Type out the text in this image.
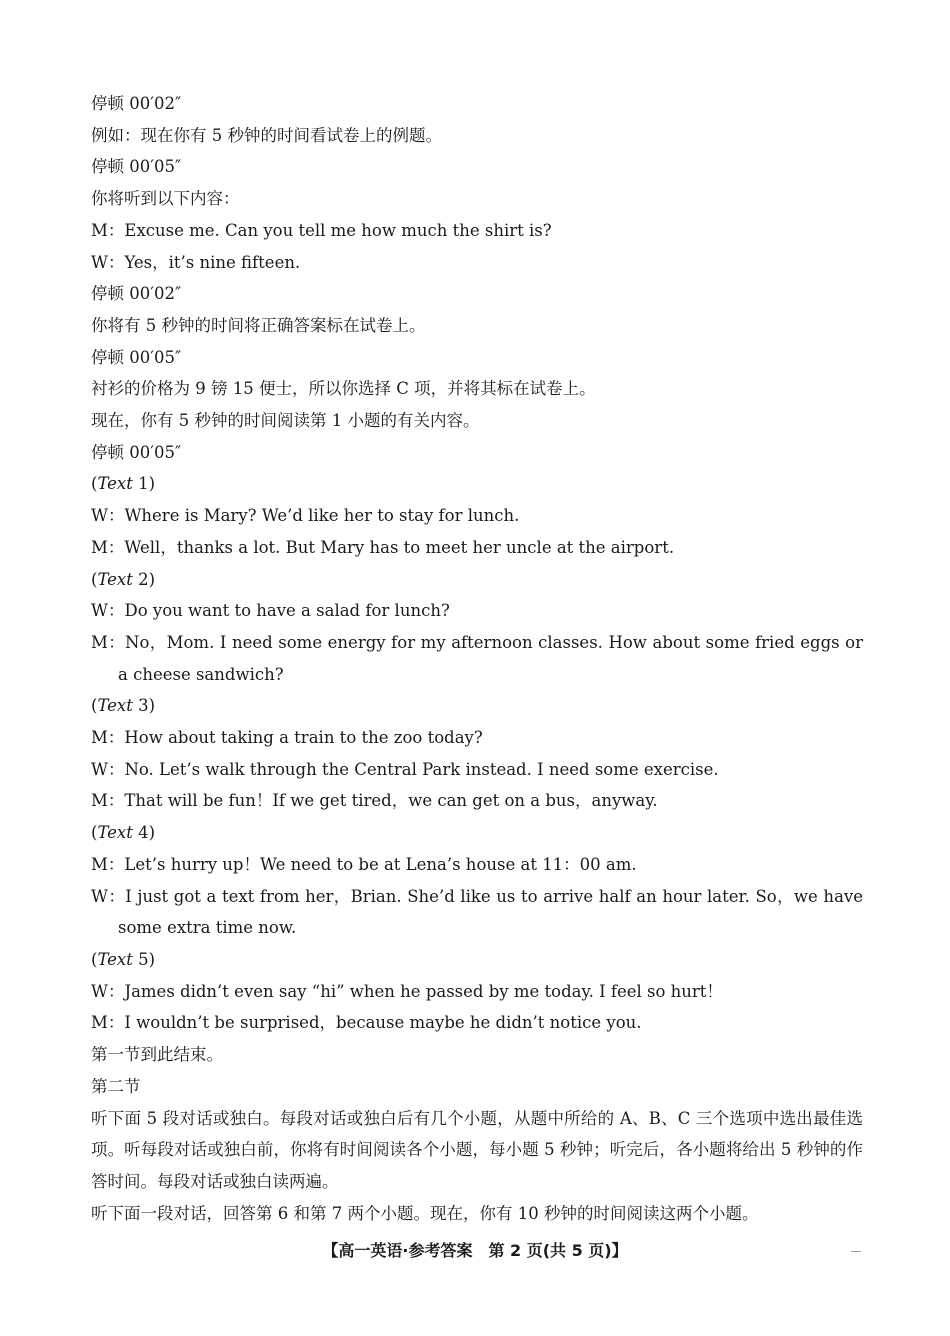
停顿 00′02″

例如：现在你有 5 秒钟的时间看试卷上的例题。

停顿 00′05″

你将听到以下内容：

M：Excuse me. Can you tell me how much the shirt is?

W：Yes，it’s nine fifteen.

停顿 00′02″

你将有 5 秒钟的时间将正确答案标在试卷上。

停顿 00′05″

衬衫的价格为 9 镑 15 便士，所以你选择 C 项，并将其标在试卷上。

现在，你有 5 秒钟的时间阅读第 1 小题的有关内容。

停顿 00′05″

(Text 1)

W：Where is Mary? We’d like her to stay for lunch.

M：Well，thanks a lot. But Mary has to meet her uncle at the airport.

(Text 2)

W：Do you want to have a salad for lunch?

M：No，Mom. I need some energy for my afternoon classes. How about some fried eggs or a cheese sandwich?

(Text 3)

M：How about taking a train to the zoo today?

W：No. Let’s walk through the Central Park instead. I need some exercise.

M：That will be fun！If we get tired，we can get on a bus，anyway.

(Text 4)

M：Let’s hurry up！We need to be at Lena’s house at 11：00 am.

W：I just got a text from her，Brian. She’d like us to arrive half an hour later. So，we have some extra time now.

(Text 5)

W：James didn’t even say “hi” when he passed by me today. I feel so hurt！

M：I wouldn’t be surprised，because maybe he didn’t notice you.

第一节到此结束。

第二节

听下面 5 段对话或独白。每段对话或独白后有几个小题，从题中所给的 A、B、C 三个选项中选出最佳选项。听每段对话或独白前，你将有时间阅读各个小题，每小题 5 秒钟；听完后，各小题将给出 5 秒钟的作答时间。每段对话或独白读两遍。

听下面一段对话，回答第 6 和第 7 两个小题。现在，你有 10 秒钟的时间阅读这两个小题。

【高一英语·参考答案　第 2 页(共 5 页)】
